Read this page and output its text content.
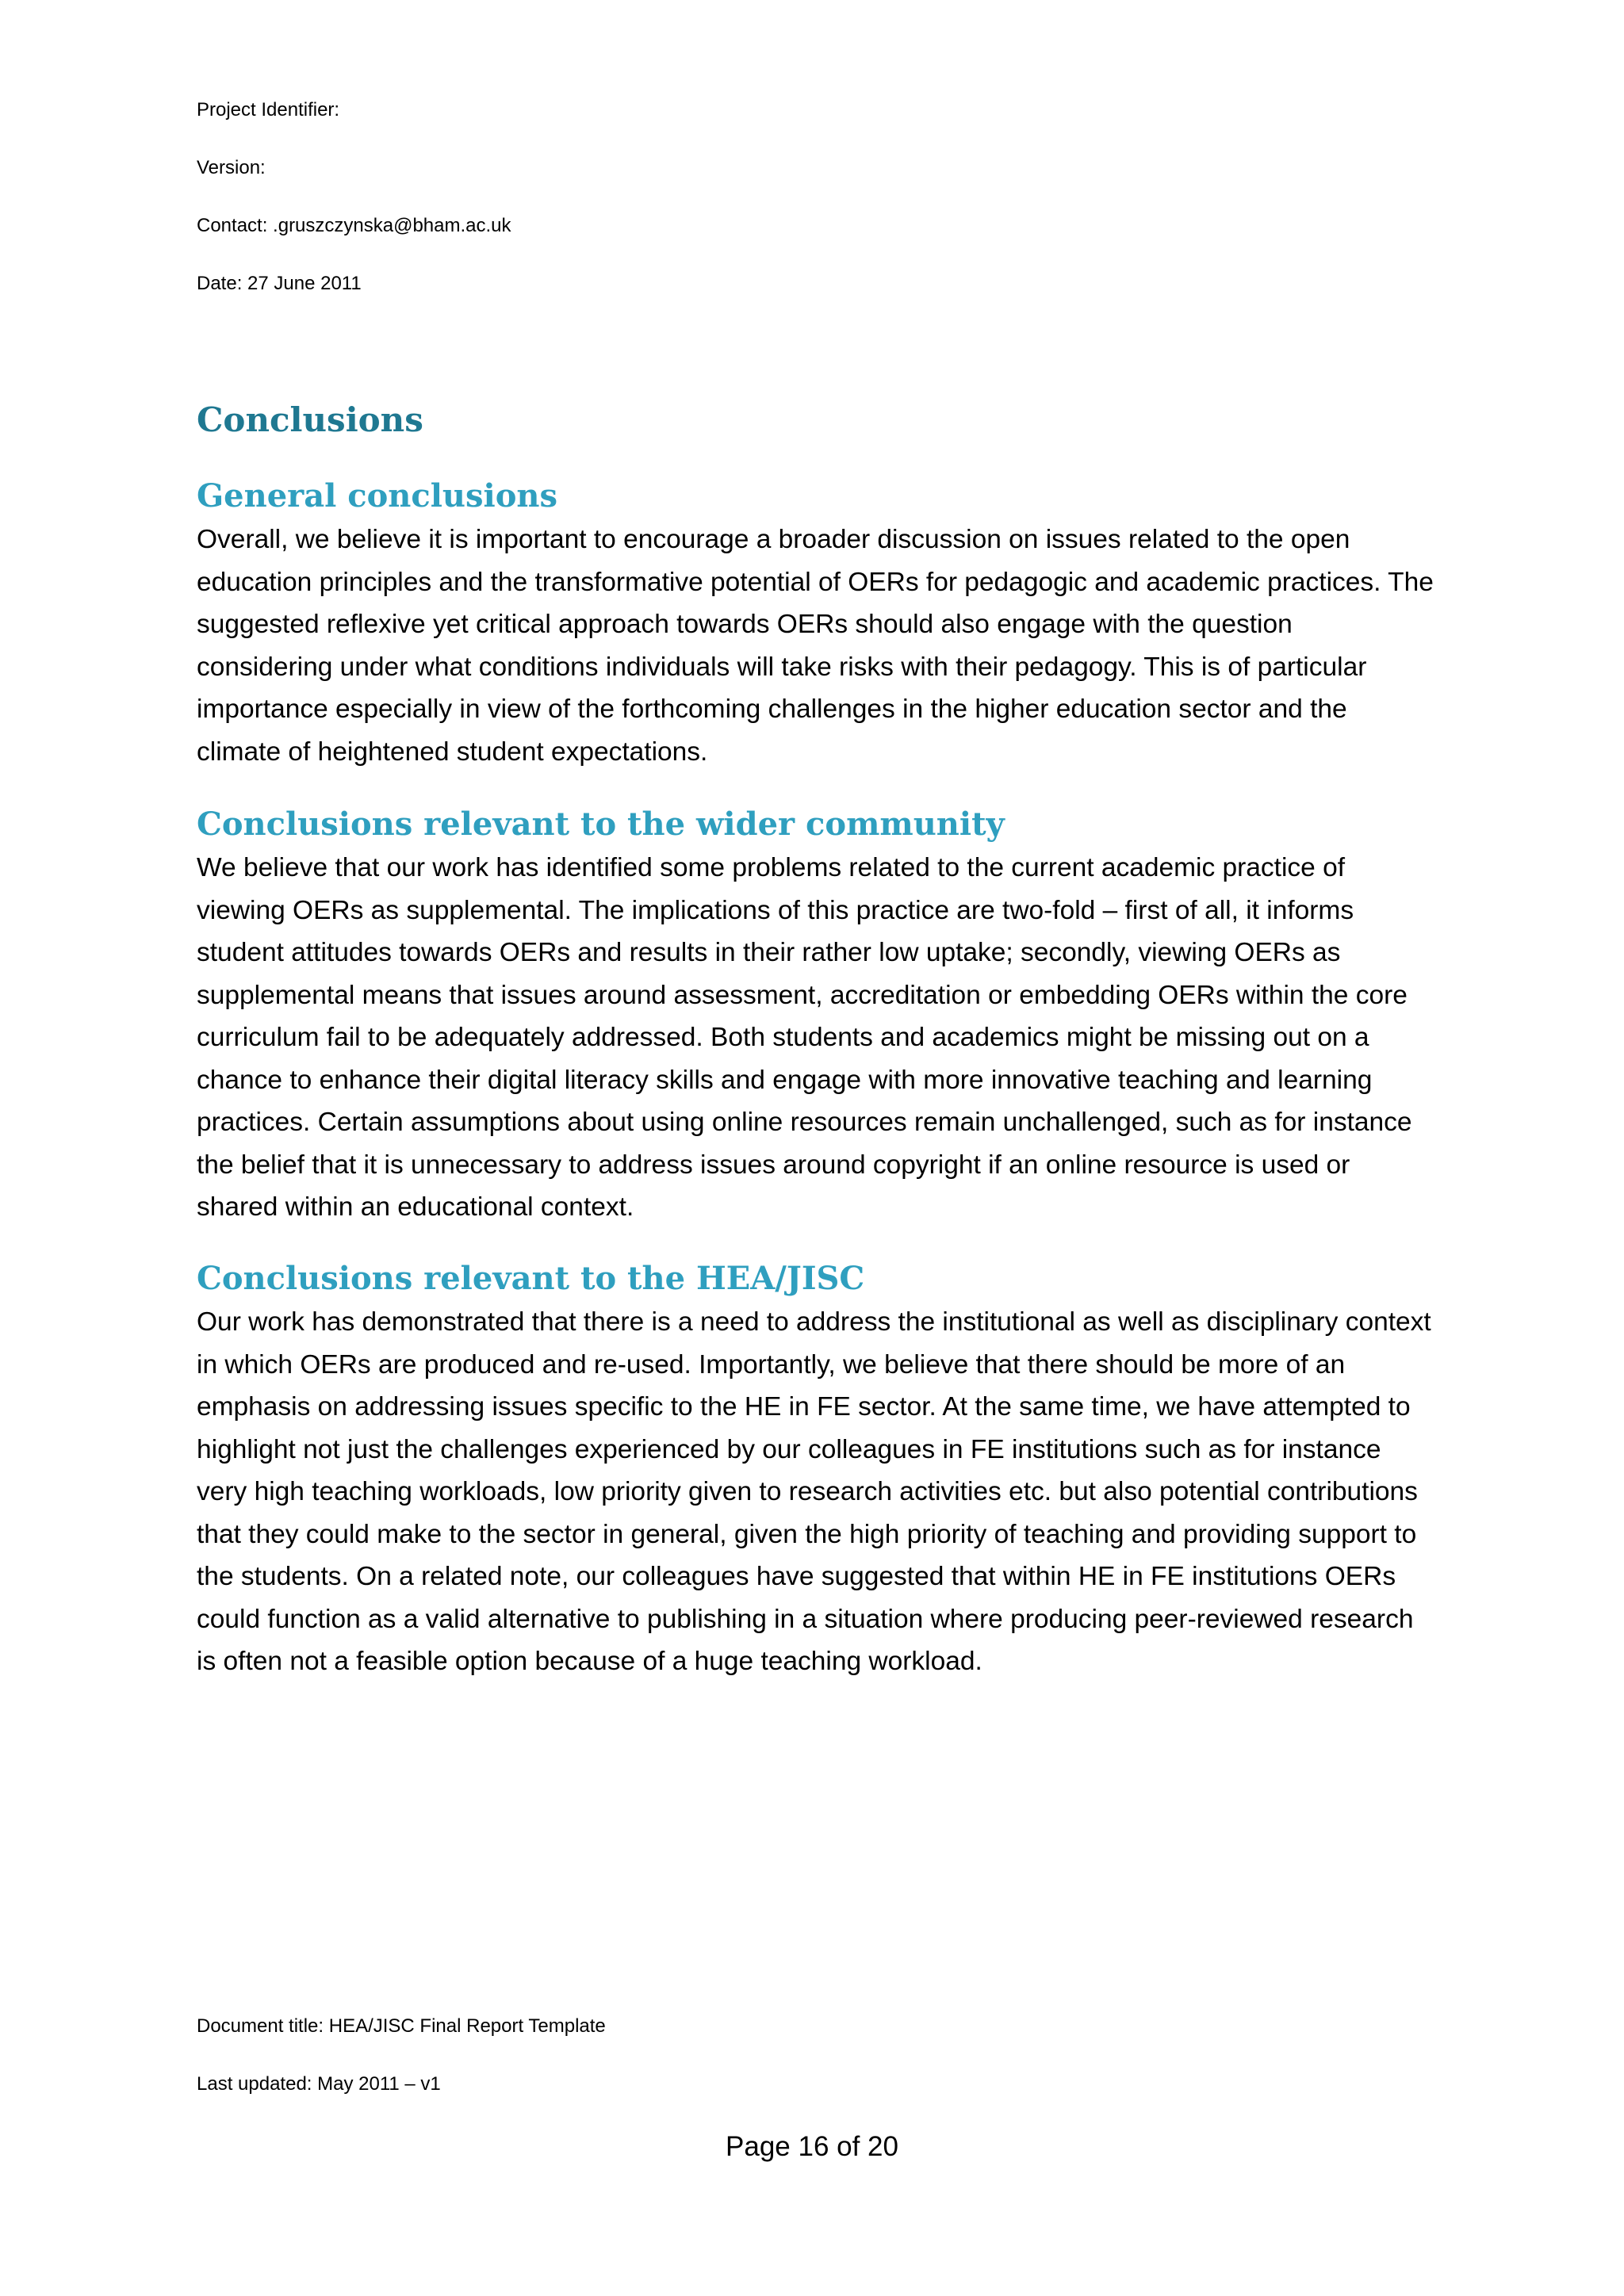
Project Identifier:
Version:
Contact: .gruszczynska@bham.ac.uk
Date: 27 June 2011
Conclusions
General conclusions

Overall, we believe it is important to encourage a broader discussion on issues related to the open education principles and the transformative potential of OERs for pedagogic and academic practices. The suggested reflexive yet critical approach towards OERs should also engage with the question considering under what conditions individuals will take risks with their pedagogy. This is of particular importance especially in view of the forthcoming challenges in the higher education sector and the climate of heightened student expectations.

Conclusions relevant to the wider community

We believe that our work has identified some problems related to the current academic practice of viewing OERs as supplemental. The implications of this practice are two-fold – first of all, it informs student attitudes towards OERs and results in their rather low uptake; secondly, viewing OERs as supplemental means that issues around assessment, accreditation or embedding OERs within the core curriculum fail to be adequately addressed. Both students and academics might be missing out on a chance to enhance their digital literacy skills and engage with more innovative teaching and learning practices. Certain assumptions about using online resources remain unchallenged, such as for instance the belief that it is unnecessary to address issues around copyright if an online resource is used or shared within an educational context.

Conclusions relevant to the HEA/JISC

Our work has demonstrated that there is a need to address the institutional as well as disciplinary context in which OERs are produced and re-used. Importantly, we believe that there should be more of an emphasis on addressing issues specific to the HE in FE sector. At the same time, we have attempted to highlight not just the challenges experienced by our colleagues in FE institutions such as for instance very high teaching workloads, low priority given to research activities etc. but also potential contributions that they could make to the sector in general, given the high priority of teaching and providing support to the students. On a related note, our colleagues have suggested that within HE in FE institutions OERs could function as a valid alternative to publishing in a situation where producing peer-reviewed research is often not a feasible option because of a huge teaching workload.

Document title: HEA/JISC Final Report Template
Last updated: May 2011 – v1
Page 16 of 20
